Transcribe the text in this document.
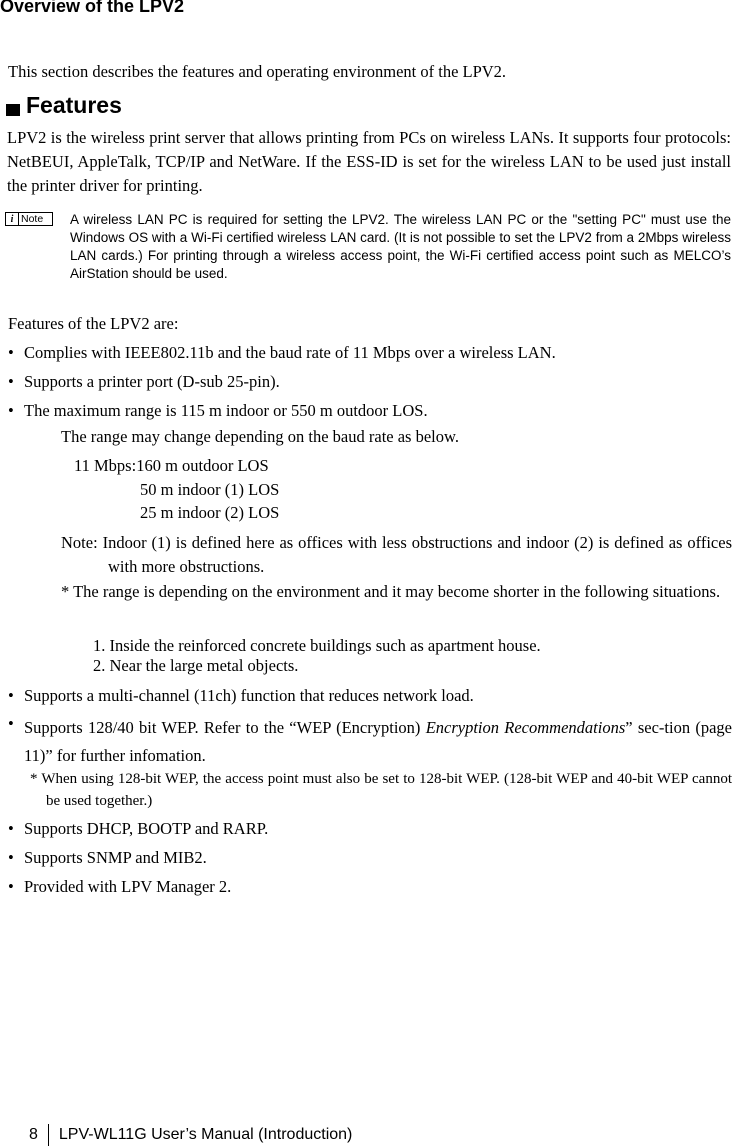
Overview of the LPV2
This section describes the features and operating environment of the LPV2.
Features
LPV2 is the wireless print server that allows printing from PCs on wireless LANs. It supports four protocols: NetBEUI, AppleTalk, TCP/IP and NetWare. If the ESS-ID is set for the wireless LAN to be used just install the printer driver for printing.
i Note A wireless LAN PC is required for setting the LPV2. The wireless LAN PC or the "setting PC" must use the Windows OS with a Wi-Fi certified wireless LAN card. (It is not possible to set the LPV2 from a 2Mbps wireless LAN cards.) For printing through a wireless access point, the Wi-Fi certified access point such as MELCO’s AirStation should be used.
Features of the LPV2 are:
• Complies with IEEE802.11b and the baud rate of 11 Mbps over a wireless LAN.
• Supports a printer port (D-sub 25-pin).
• The maximum range is 115 m indoor or 550 m outdoor LOS.
The range may change depending on the baud rate as below.
11 Mbps:160 m outdoor LOS
50 m indoor (1) LOS
25 m indoor (2) LOS
Note: Indoor (1) is defined here as offices with less obstructions and indoor (2) is defined as offices with more obstructions.
* The range is depending on the environment and it may become shorter in the following situations.
1. Inside the reinforced concrete buildings such as apartment house.
2. Near the large metal objects.
• Supports a multi-channel (11ch) function that reduces network load.
• Supports 128/40 bit WEP. Refer to the “WEP (Encryption) Encryption Recommendations” sec-tion (page 11)” for further infomation.
* When using 128-bit WEP, the access point must also be set to 128-bit WEP. (128-bit WEP and 40-bit WEP cannot be used together.)
• Supports DHCP, BOOTP and RARP.
• Supports SNMP and MIB2.
• Provided with LPV Manager 2.
8 LPV-WL11G User’s Manual (Introduction)
